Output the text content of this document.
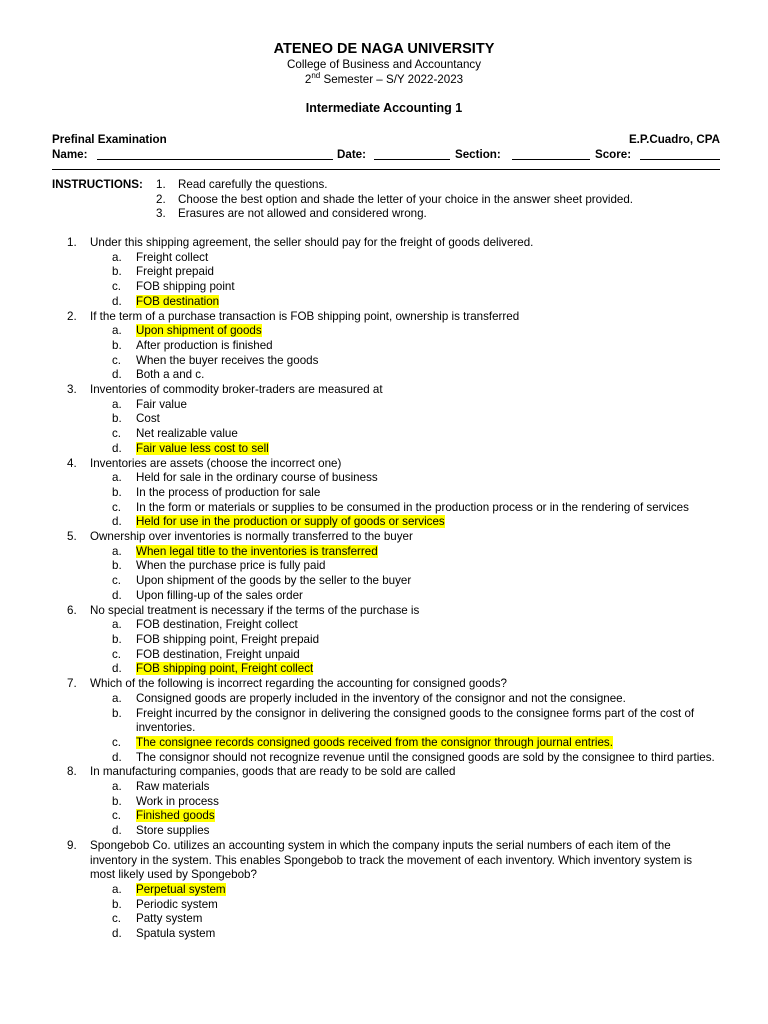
ATENEO DE NAGA UNIVERSITY
College of Business and Accountancy
2nd Semester – S/Y 2022-2023
Intermediate Accounting 1
Prefinal Examination	E.P.Cuadro, CPA
Name:	Date:	Section:	Score:
INSTRUCTIONS: 1. Read carefully the questions.
2. Choose the best option and shade the letter of your choice in the answer sheet provided.
3. Erasures are not allowed and considered wrong.
1. Under this shipping agreement, the seller should pay for the freight of goods delivered.
a. Freight collect
b. Freight prepaid
c. FOB shipping point
d. FOB destination
2. If the term of a purchase transaction is FOB shipping point, ownership is transferred
a. Upon shipment of goods
b. After production is finished
c. When the buyer receives the goods
d. Both a and c.
3. Inventories of commodity broker-traders are measured at
a. Fair value
b. Cost
c. Net realizable value
d. Fair value less cost to sell
4. Inventories are assets (choose the incorrect one)
a. Held for sale in the ordinary course of business
b. In the process of production for sale
c. In the form or materials or supplies to be consumed in the production process or in the rendering of services
d. Held for use in the production or supply of goods or services
5. Ownership over inventories is normally transferred to the buyer
a. When legal title to the inventories is transferred
b. When the purchase price is fully paid
c. Upon shipment of the goods by the seller to the buyer
d. Upon filling-up of the sales order
6. No special treatment is necessary if the terms of the purchase is
a. FOB destination, Freight collect
b. FOB shipping point, Freight prepaid
c. FOB destination, Freight unpaid
d. FOB shipping point, Freight collect
7. Which of the following is incorrect regarding the accounting for consigned goods?
a. Consigned goods are properly included in the inventory of the consignor and not the consignee.
b. Freight incurred by the consignor in delivering the consigned goods to the consignee forms part of the cost of inventories.
c. The consignee records consigned goods received from the consignor through journal entries.
d. The consignor should not recognize revenue until the consigned goods are sold by the consignee to third parties.
8. In manufacturing companies, goods that are ready to be sold are called
a. Raw materials
b. Work in process
c. Finished goods
d. Store supplies
9. Spongebob Co. utilizes an accounting system in which the company inputs the serial numbers of each item of the inventory in the system. This enables Spongebob to track the movement of each inventory. Which inventory system is most likely used by Spongebob?
a. Perpetual system
b. Periodic system
c. Patty system
d. Spatula system
